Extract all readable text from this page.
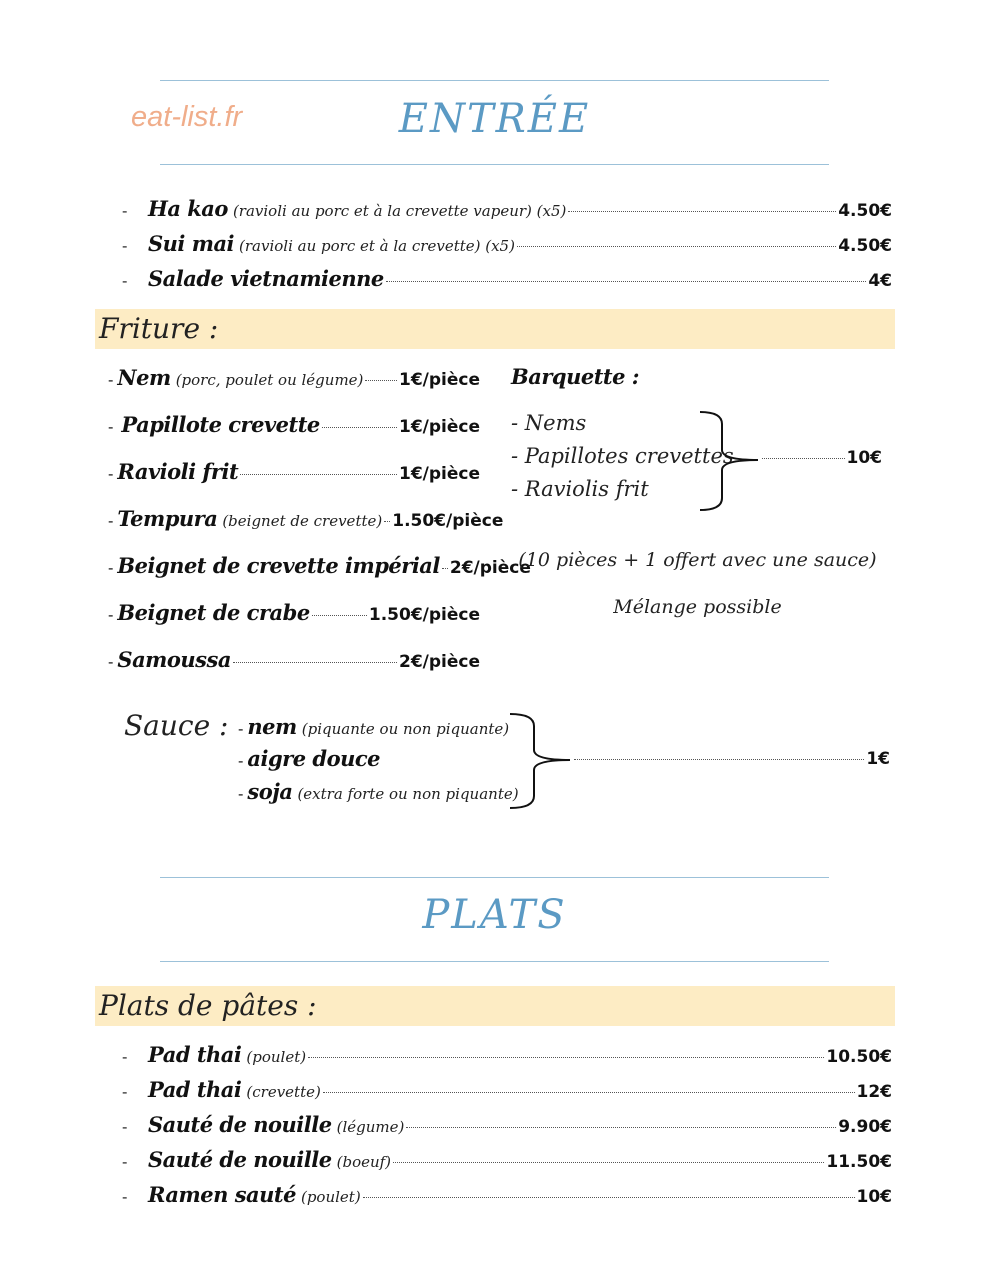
eat-list.fr	ENTRÉE
- Ha kao (ravioli au porc et à la crevette vapeur) (x5)	4.50€
- Sui mai (ravioli au porc et à la crevette) (x5)	4.50€
- Salade vietnamienne	4€
Friture :
- Nem (porc, poulet ou légume) 1€/pièce
- Papillote crevette	1€/pièce
- Ravioli frit	1€/pièce
- Tempura (beignet de crevette) 1.50€/pièce
- Beignet de crevette impérial 2€/pièce
- Beignet de crabe	1.50€/pièce
- Samoussa	2€/pièce
Barquette :
- Nems
- Papillotes crevettes
- Raviolis frit
10€
(10 pièces + 1 offert avec une sauce)
Mélange possible
Sauce : - nem (piquante ou non piquante)
- aigre douce
- soja (extra forte ou non piquante)
1€
PLATS
Plats de pâtes :
- Pad thai (poulet)	10.50€
- Pad thai (crevette)	12€
- Sauté de nouille (légume)	9.90€
- Sauté de nouille (boeuf)	11.50€
- Ramen sauté (poulet)	10€
